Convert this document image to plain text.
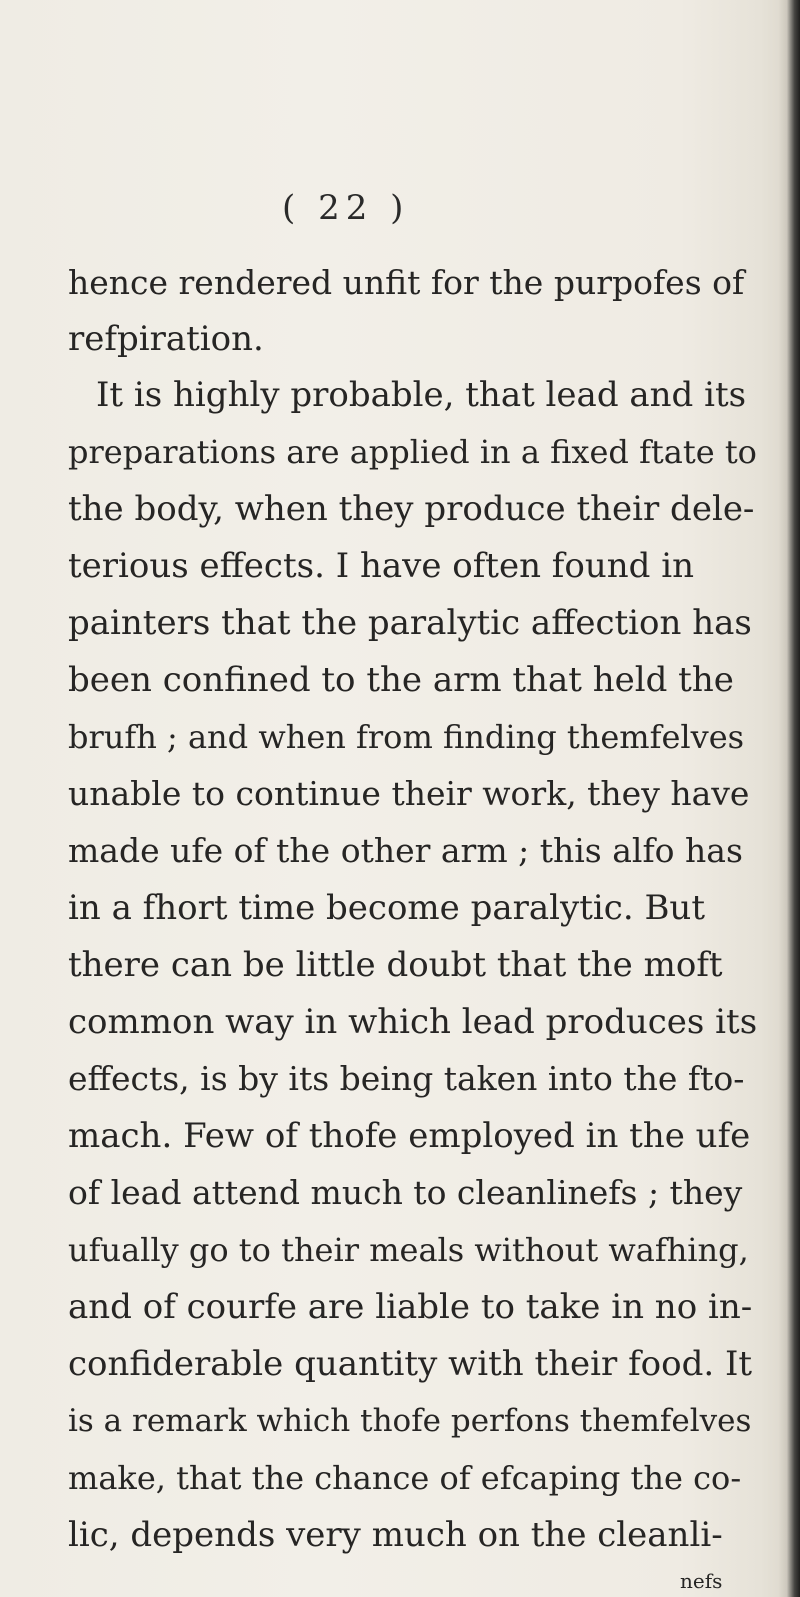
( 22 )

hence rendered unfit for the purpofes of

refpiration.

It is highly probable, that lead and its

preparations are applied in a fixed ftate to

the body, when they produce their dele-

terious effects. I have often found in

painters that the paralytic affection has

been confined to the arm that held the

brufh ; and when from finding themfelves

unable to continue their work, they have

made ufe of the other arm ; this alfo has

in a fhort time become paralytic. But

there can be little doubt that the moft

common way in which lead produces its

effects, is by its being taken into the fto-

mach. Few of thofe employed in the ufe

of lead attend much to cleanlinefs ; they

ufually go to their meals without wafhing,

and of courfe are liable to take in no in-

confiderable quantity with their food. It

is a remark which thofe perfons themfelves

make, that the chance of efcaping the co-

lic, depends very much on the cleanli-

nefs
